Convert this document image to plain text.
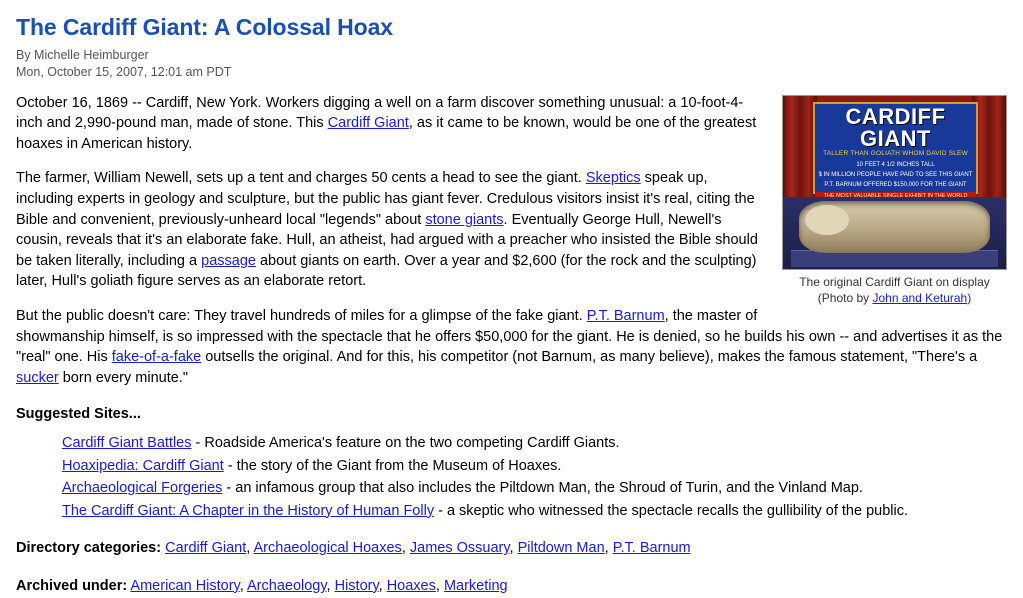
The Cardiff Giant: A Colossal Hoax
By Michelle Heimburger
Mon, October 15, 2007, 12:01 am PDT
CARDIFF
GIANT
TALLER THAN GOLIATH WHOM DAVID SLEW
10 FEET 4 1/2 INCHES TALL
$ IN MILLION PEOPLE HAVE PAID TO SEE THIS GIANT
P.T. BARNUM OFFERED $150,000 FOR THE GIANT
The original Cardiff Giant on display
(Photo by John and Keturah)

October 16, 1869 -- Cardiff, New York. Workers digging a well on a farm discover something unusual: a 10-foot-4-inch and 2,990-pound man, made of stone. This Cardiff Giant, as it came to be known, would be one of the greatest hoaxes in American history.

The farmer, William Newell, sets up a tent and charges 50 cents a head to see the giant. Skeptics speak up, including experts in geology and sculpture, but the public has giant fever. Credulous visitors insist it's real, citing the Bible and convenient, previously-unheard local "legends" about stone giants. Eventually George Hull, Newell's cousin, reveals that it's an elaborate fake. Hull, an atheist, had argued with a preacher who insisted the Bible should be taken literally, including a passage about giants on earth. Over a year and $2,600 (for the rock and the sculpting) later, Hull's goliath figure serves as an elaborate retort.

But the public doesn't care: They travel hundreds of miles for a glimpse of the fake giant. P.T. Barnum, the master of showmanship himself, is so impressed with the spectacle that he offers $50,000 for the giant. He is denied, so he builds his own -- and advertises it as the "real" one. His fake-of-a-fake outsells the original. And for this, his competitor (not Barnum, as many believe), makes the famous statement, "There's a sucker born every minute."

Suggested Sites...
Cardiff Giant Battles - Roadside America's feature on the two competing Cardiff Giants.
Hoaxipedia: Cardiff Giant - the story of the Giant from the Museum of Hoaxes.
Archaeological Forgeries - an infamous group that also includes the Piltdown Man, the Shroud of Turin, and the Vinland Map.
The Cardiff Giant: A Chapter in the History of Human Folly - a skeptic who witnessed the spectacle recalls the gullibility of the public.
Directory categories: Cardiff Giant, Archaeological Hoaxes, James Ossuary, Piltdown Man, P.T. Barnum
Archived under: American History, Archaeology, History, Hoaxes, Marketing
